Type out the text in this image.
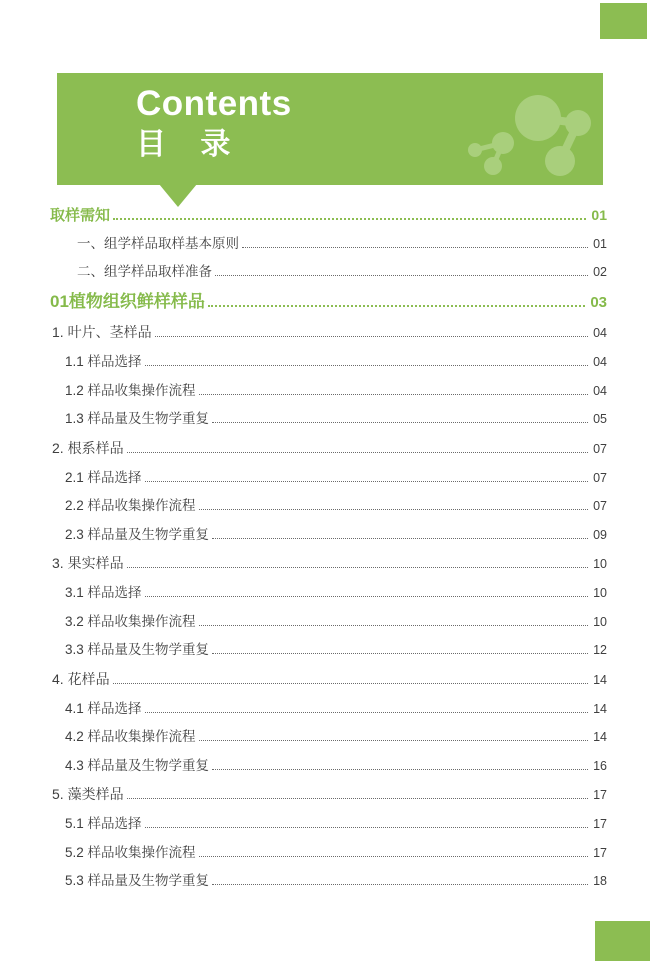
Contents
目 录
取样需知	01
一、组学样品取样基本原则	01
二、组学样品取样准备	02
01植物组织鲜样样品	03
1. 叶片、茎样品	04
1.1 样品选择	04
1.2 样品收集操作流程	04
1.3 样品量及生物学重复	05
2. 根系样品	07
2.1 样品选择	07
2.2 样品收集操作流程	07
2.3 样品量及生物学重复	09
3. 果实样品	10
3.1 样品选择	10
3.2 样品收集操作流程	10
3.3 样品量及生物学重复	12
4. 花样品	14
4.1 样品选择	14
4.2 样品收集操作流程	14
4.3 样品量及生物学重复	16
5. 藻类样品	17
5.1 样品选择	17
5.2 样品收集操作流程	17
5.3 样品量及生物学重复	18
